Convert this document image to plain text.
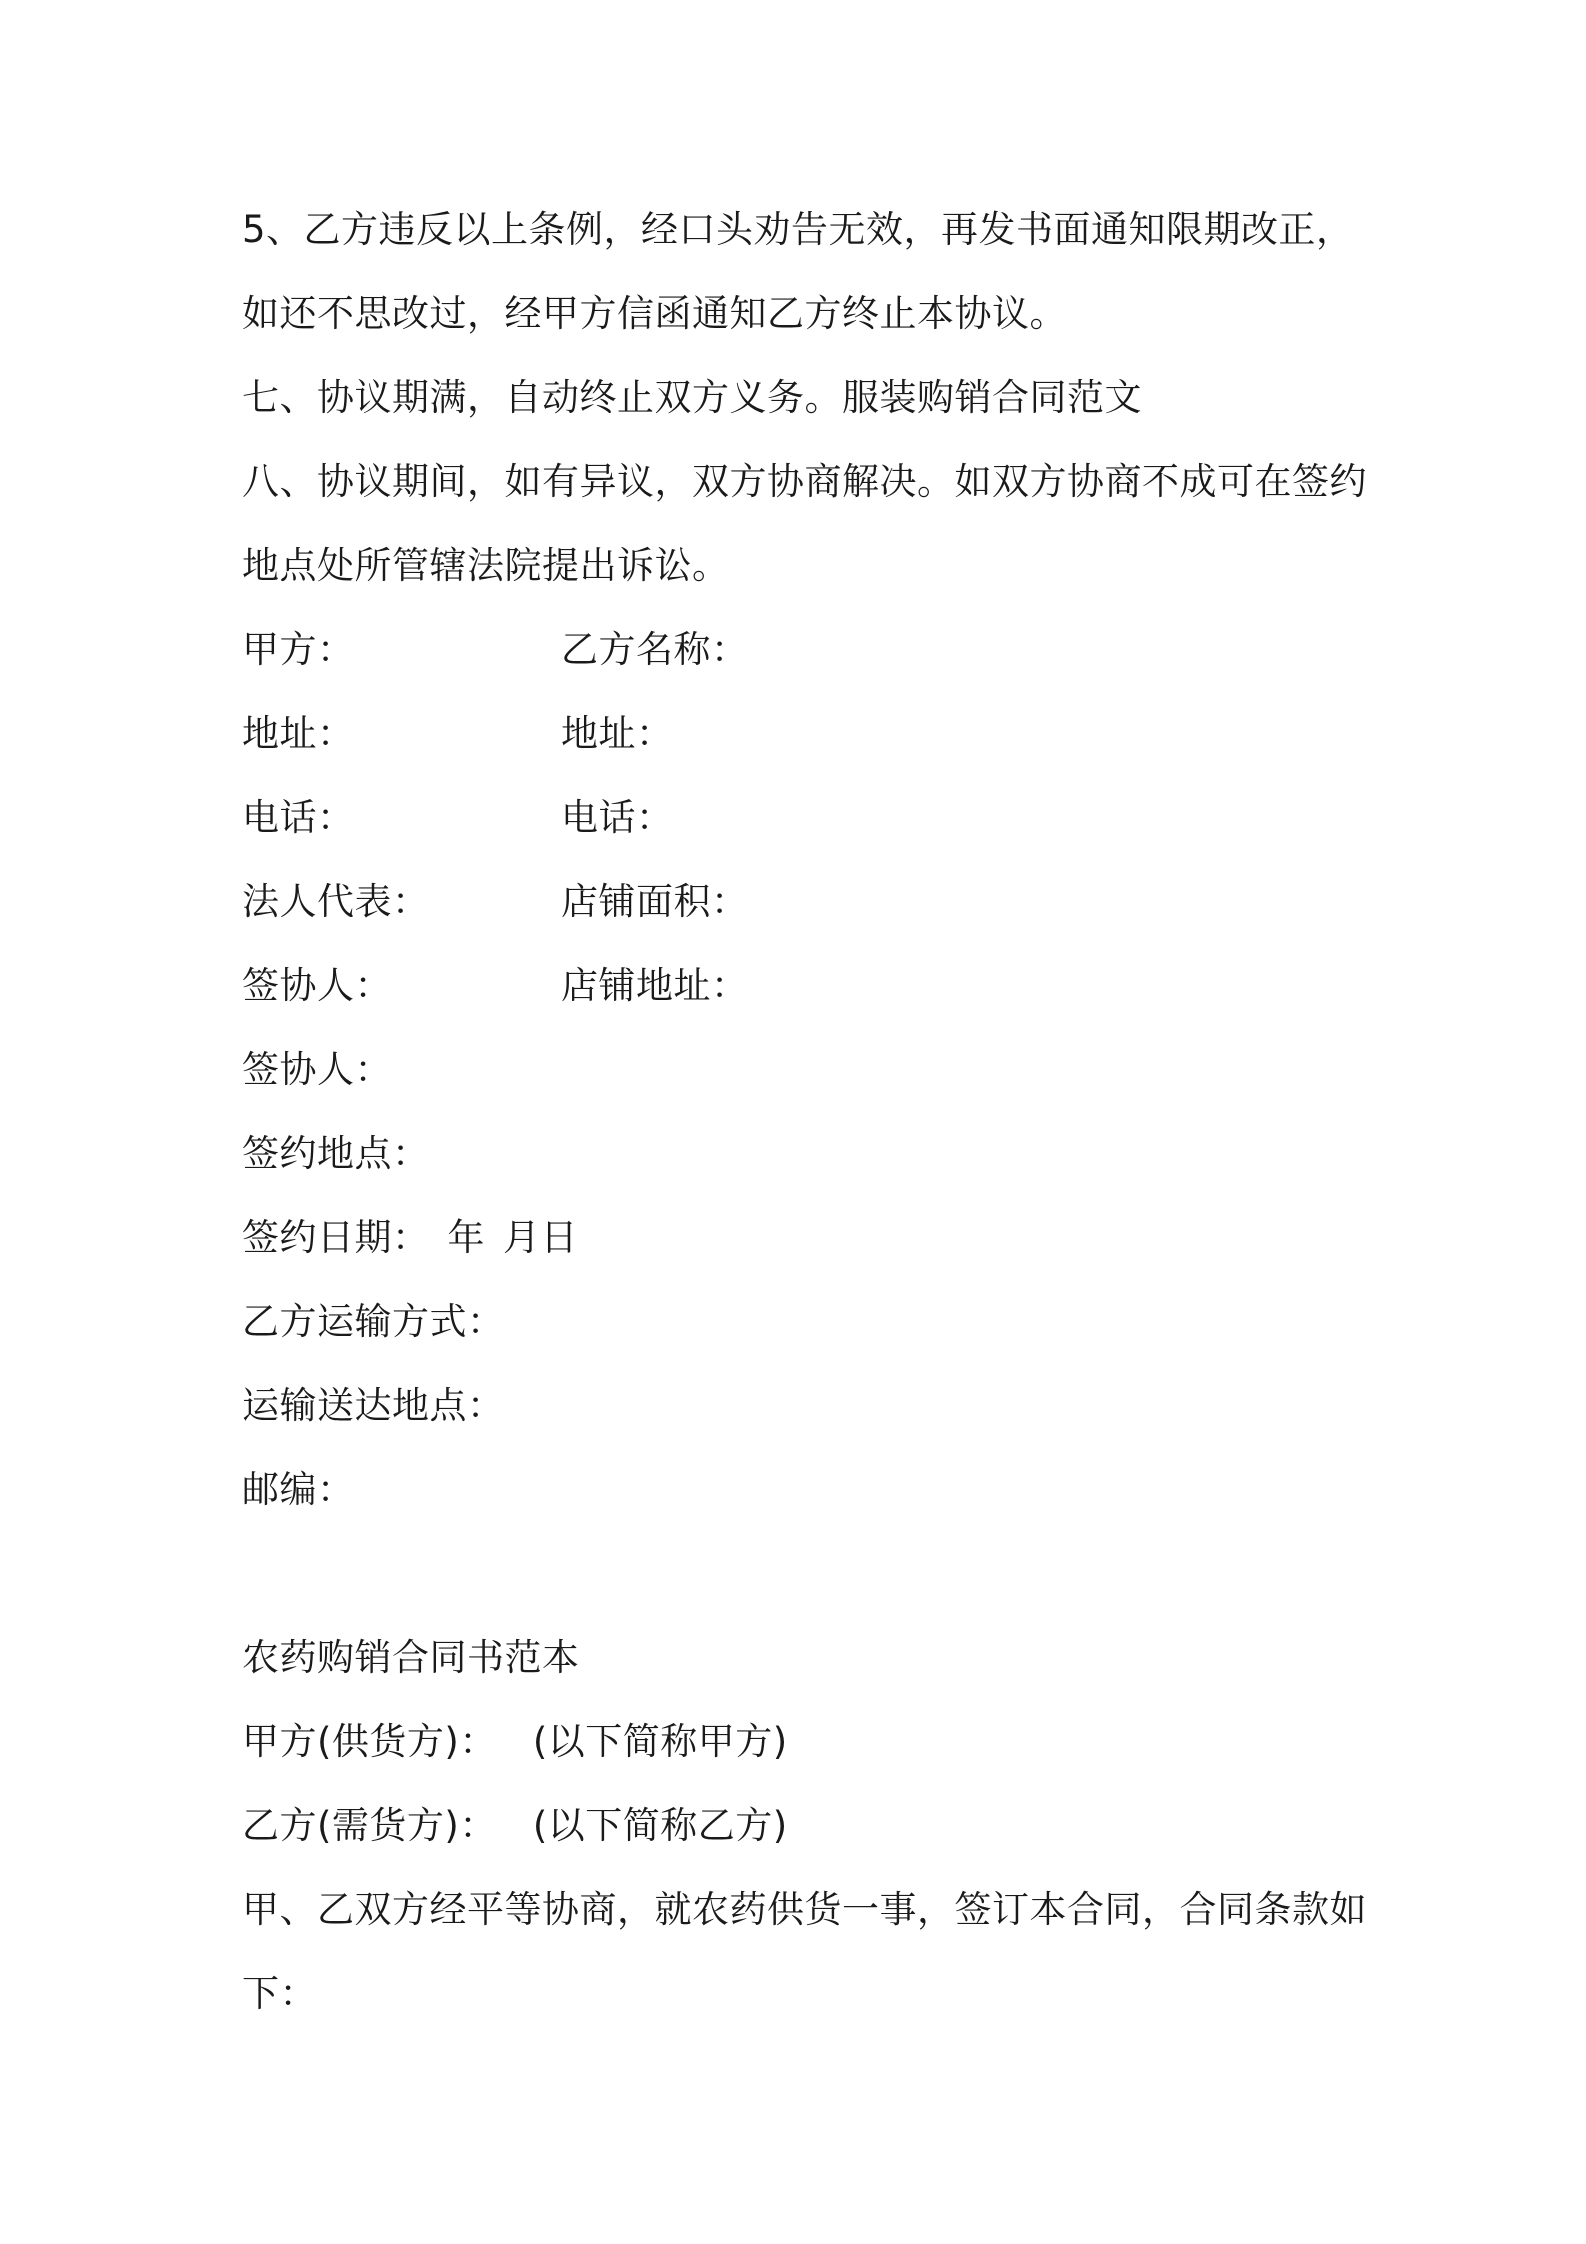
5、乙方违反以上条例，经口头劝告无效，再发书面通知限期改正，
如还不思改过，经甲方信函通知乙方终止本协议。
七、协议期满，自动终止双方义务。服装购销合同范文
八、协议期间，如有异议，双方协商解决。如双方协商不成可在签约
地点处所管辖法院提出诉讼。
甲方：	乙方名称：
地址：	地址：
电话：	电话：
法人代表：	店铺面积：
签协人：	店铺地址：
签协人：
签约地点：
签约日期： 年 月日
乙方运输方式：
运输送达地点：
邮编：
农药购销合同书范本
甲方(供货方)： (以下简称甲方)
乙方(需货方)： (以下简称乙方)
甲、乙双方经平等协商，就农药供货一事，签订本合同，合同条款如
下：
